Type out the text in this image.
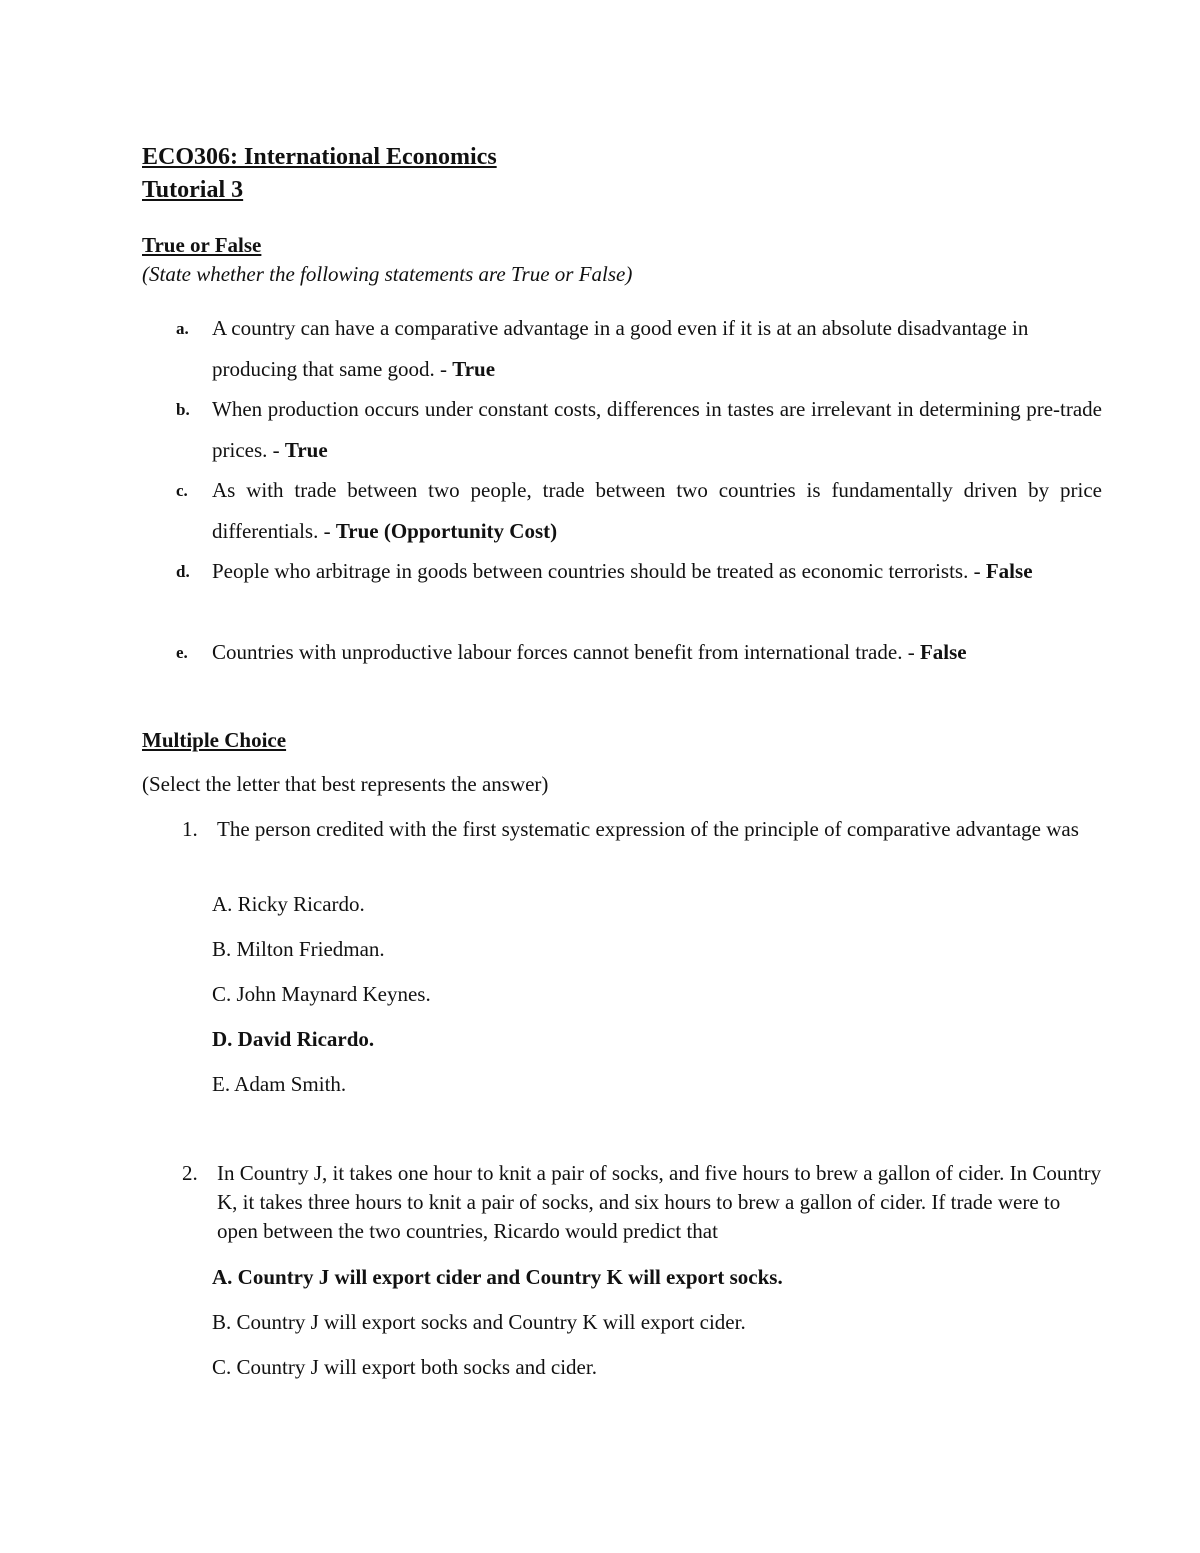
ECO306: International Economics
Tutorial 3
True or False
(State whether the following statements are True or False)
a. A country can have a comparative advantage in a good even if it is at an absolute disadvantage in producing that same good. - True
b. When production occurs under constant costs, differences in tastes are irrelevant in determining pre-trade prices. - True
c. As with trade between two people, trade between two countries is fundamentally driven by price differentials. - True (Opportunity Cost)
d. People who arbitrage in goods between countries should be treated as economic terrorists. - False
e. Countries with unproductive labour forces cannot benefit from international trade. - False
Multiple Choice
(Select the letter that best represents the answer)
1. The person credited with the first systematic expression of the principle of comparative advantage was
A. Ricky Ricardo.
B. Milton Friedman.
C. John Maynard Keynes.
D. David Ricardo.
E. Adam Smith.
2. In Country J, it takes one hour to knit a pair of socks, and five hours to brew a gallon of cider. In Country K, it takes three hours to knit a pair of socks, and six hours to brew a gallon of cider. If trade were to open between the two countries, Ricardo would predict that
A. Country J will export cider and Country K will export socks.
B. Country J will export socks and Country K will export cider.
C. Country J will export both socks and cider.
